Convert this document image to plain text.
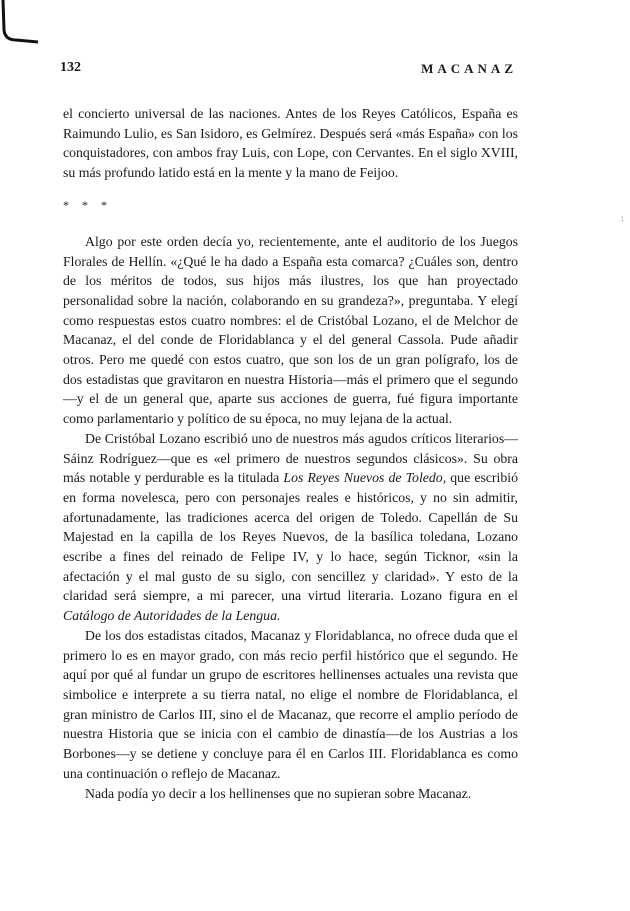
132	MACANAZ

el concierto universal de las naciones. Antes de los Reyes Católicos, España es Raimundo Lulio, es San Isidoro, es Gelmírez. Después será «más España» con los conquistadores, con ambos fray Luis, con Lope, con Cervantes. En el siglo XVIII, su más profundo latido está en la mente y la mano de Feijoo.

* * *

Algo por este orden decía yo, recientemente, ante el auditorio de los Juegos Florales de Hellín. «¿Qué le ha dado a España esta comarca? ¿Cuáles son, dentro de los méritos de todos, sus hijos más ilustres, los que han proyectado personalidad sobre la nación, colaborando en su grandeza?», preguntaba. Y elegí como respuestas estos cuatro nombres: el de Cristóbal Lozano, el de Melchor de Macanaz, el del conde de Floridablanca y el del general Cassola. Pude añadir otros. Pero me quedé con estos cuatro, que son los de un gran polígrafo, los de dos estadistas que gravitaron en nuestra Historia—más el primero que el segundo—y el de un general que, aparte sus acciones de guerra, fué figura importante como parlamentario y político de su época, no muy lejana de la actual.

De Cristóbal Lozano escribió uno de nuestros más agudos críticos literarios—Sáinz Rodríguez—que es «el primero de nuestros segundos clásicos». Su obra más notable y perdurable es la titulada Los Reyes Nuevos de Toledo, que escribió en forma novelesca, pero con personajes reales e históricos, y no sin admitir, afortunadamente, las tradiciones acerca del origen de Toledo. Capellán de Su Majestad en la capilla de los Reyes Nuevos, de la basílica toledana, Lozano escribe a fines del reinado de Felipe IV, y lo hace, según Ticknor, «sin la afectación y el mal gusto de su siglo, con sencillez y claridad». Y esto de la claridad será siempre, a mi parecer, una virtud literaria. Lozano figura en el Catálogo de Autoridades de la Lengua.

De los dos estadistas citados, Macanaz y Floridablanca, no ofrece duda que el primero lo es en mayor grado, con más recio perfil histórico que el segundo. He aquí por qué al fundar un grupo de escritores hellinenses actuales una revista que simbolice e interprete a su tierra natal, no elige el nombre de Floridablanca, el gran ministro de Carlos III, sino el de Macanaz, que recorre el amplio período de nuestra Historia que se inicia con el cambio de dinastía—de los Austrias a los Borbones—y se detiene y concluye para él en Carlos III. Floridablanca es como una continuación o reflejo de Macanaz.

Nada podía yo decir a los hellinenses que no supieran sobre Macanaz.

:
